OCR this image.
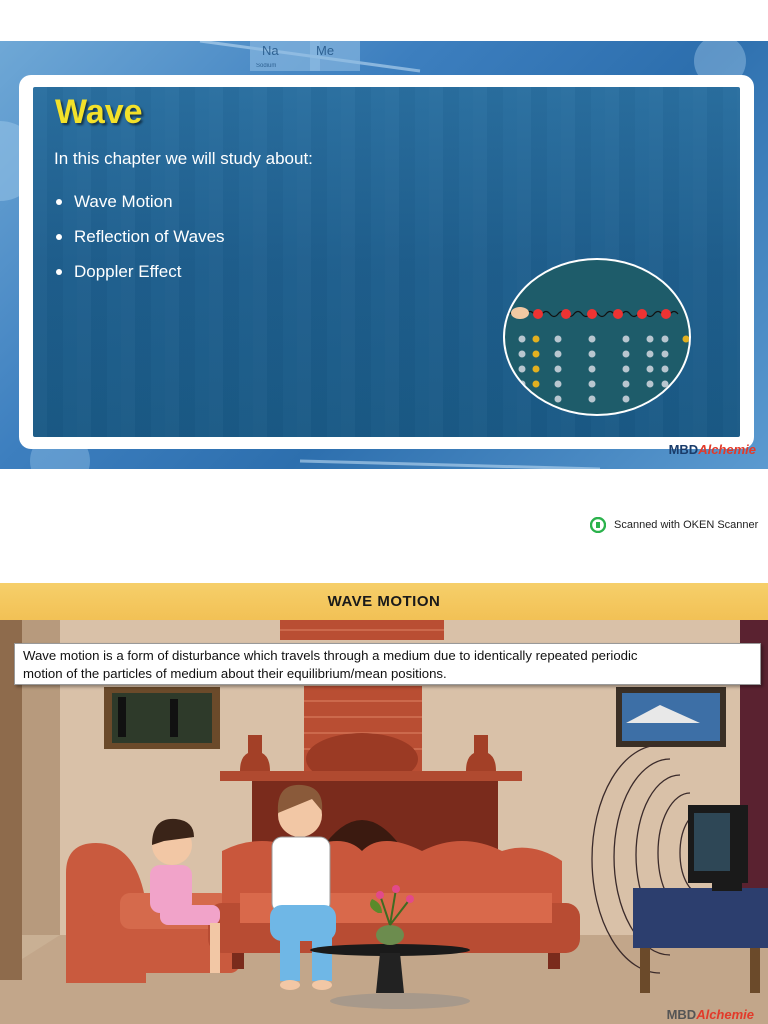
Na	Me
Sodium
Wave
In this chapter we will study about:
Wave Motion
Reflection of Waves
Doppler Effect
MBDAlchemie
Scanned with OKEN Scanner
WAVE MOTION
Wave motion is a form of disturbance which travels through a medium due to identically repeated periodic
motion of the particles of medium about their equilibrium/mean positions.
MBDAlchemie
